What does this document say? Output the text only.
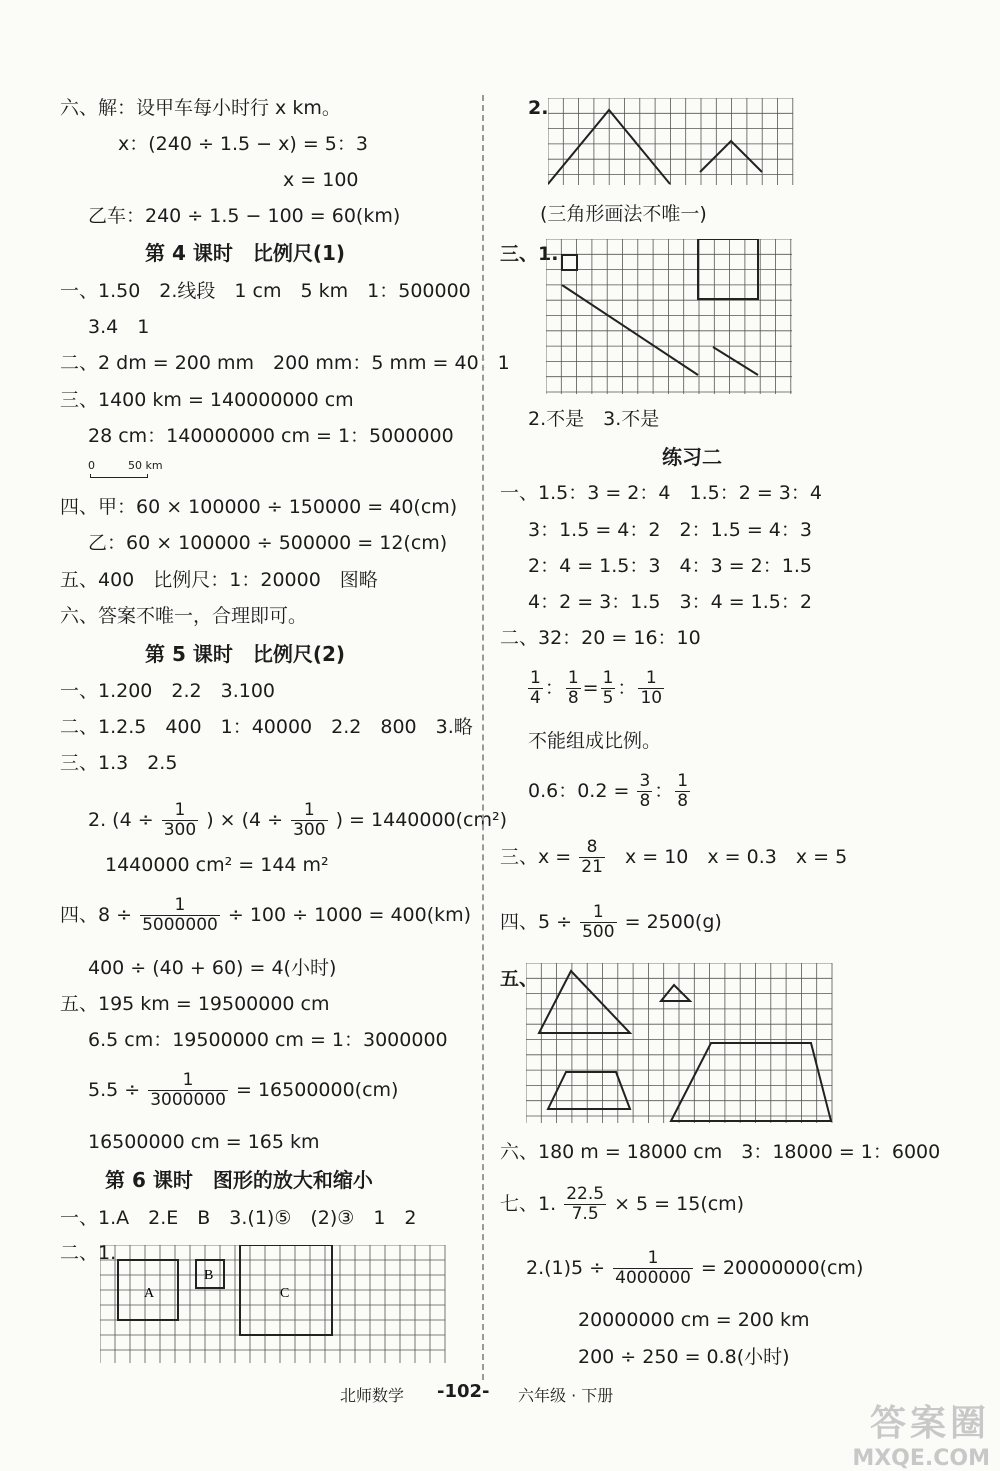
六、解：设甲车每小时行 x km。
x：(240 ÷ 1.5 − x) = 5：3
x = 100
乙车：240 ÷ 1.5 − 100 = 60(km)
第 4 课时　比例尺(1)
一、1.50　2.线段　1 cm　5 km　1：500000
3.4　1
二、2 dm = 200 mm　200 mm：5 mm = 40：1
三、1400 km = 140000000 cm
28 cm：140000000 cm = 1：5000000
0	50 km
四、甲：60 × 100000 ÷ 150000 = 40(cm)
乙：60 × 100000 ÷ 500000 = 12(cm)
五、400　比例尺：1：20000　图略
六、答案不唯一，合理即可。
第 5 课时　比例尺(2)
一、1.200　2.2　3.100
二、1.2.5　400　1：40000　2.2　800　3.略
三、1.3　2.5
2. ($4 \div \frac{1}{300}$ ) × ($4 \div \frac{1}{300}$ ) = 1440000(cm²)
1440000 cm² = 144 m²
四、$8 \div \frac{1}{5000000} \div 100 \div 1000 = 400(km)$
400 ÷ (40 + 60) = 4(小时)
五、195 km = 19500000 cm
6.5 cm：19500000 cm = 1：3000000
$5.5 \div \frac{1}{3000000} = 16500000(cm)$
16500000 cm = 165 km
第 6 课时　图形的放大和缩小
一、1.A　2.E　B　3.(1)⑤　(2)③　1　2
二、1.
A
B
C
2.
(三角形画法不唯一)
三、1.
2.不是　3.不是
练习二
一、1.5：3 = 2：4　1.5：2 = 3：4
3：1.5 = 4：2　2：1.5 = 4：3
2：4 = 1.5：3　4：3 = 2：1.5
4：2 = 3：1.5　3：4 = 1.5：2
二、32：20 = 16：10
$\frac{1}{4}$ ： $\frac{1}{8} = \frac{1}{5}$ ： $\frac{1}{10}$
不能组成比例。
0.6：$0.2 = \frac{3}{8}$ ： $\frac{1}{8}$
三、$x = \frac{8}{21}$ x = 10　x = 0.3　x = 5
四、$5 \div \frac{1}{500} = 2500(g)$
五、
六、180 m = 18000 cm　3：18000 = 1：6000
七、1. $\frac{22.5}{7.5} \times 5 = 15(cm)$
$2.(1)5 \div \frac{1}{4000000} = 20000000(cm)$
20000000 cm = 200 km
200 ÷ 250 = 0.8(小时)
北师数学 -102- 六年级 · 下册
答案圈
MXQE.COM
